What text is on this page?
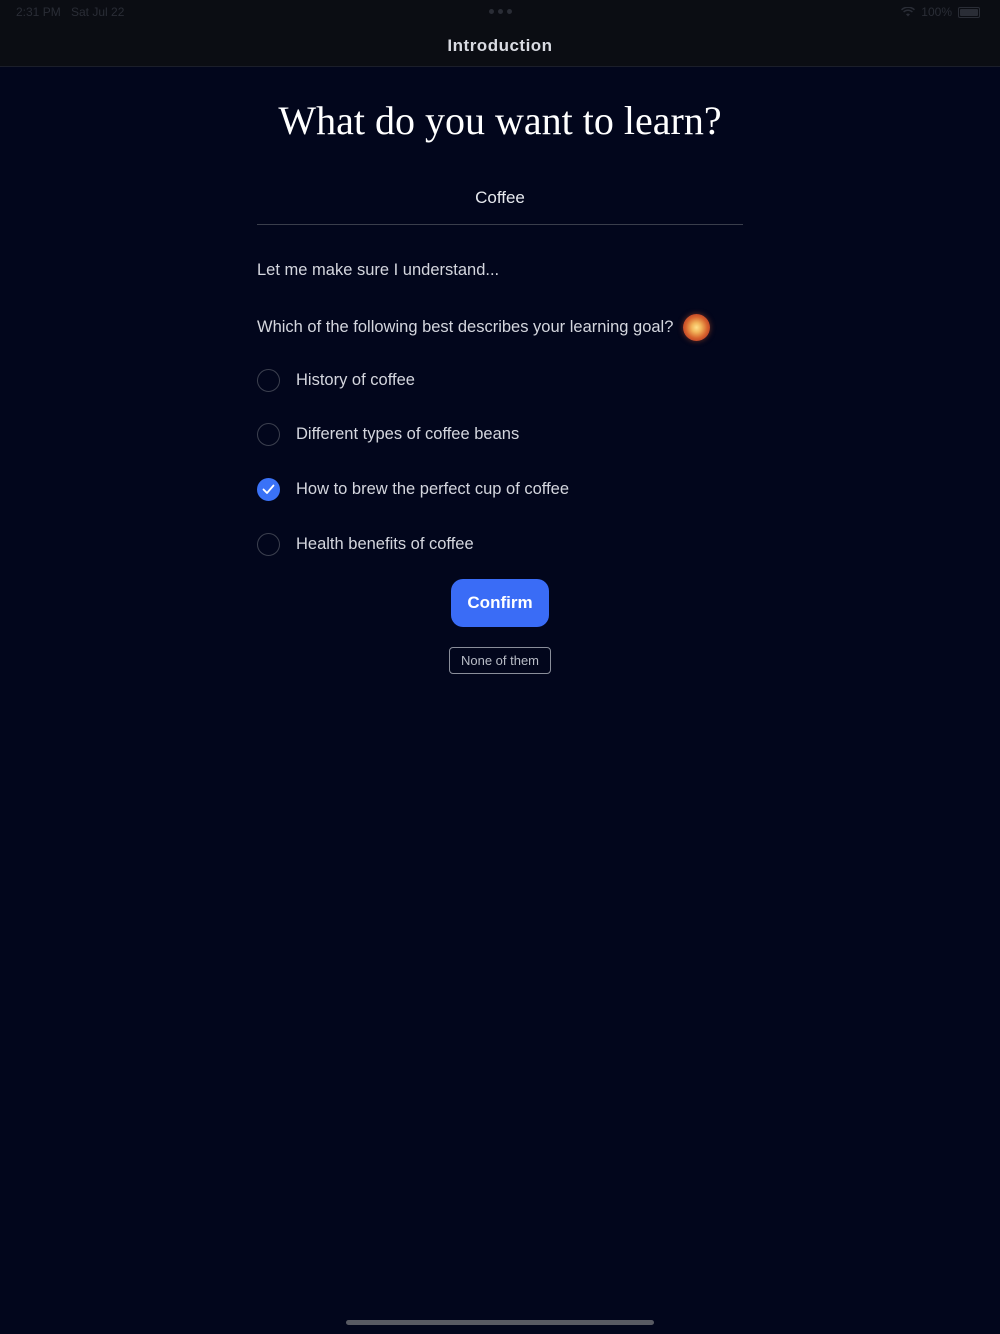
2:31 PM Sat Jul 22	100%
Introduction
What do you want to learn?
Coffee
Let me make sure I understand...
Which of the following best describes your learning goal?
History of coffee
Different types of coffee beans
How to brew the perfect cup of coffee
Health benefits of coffee
Confirm
None of them
